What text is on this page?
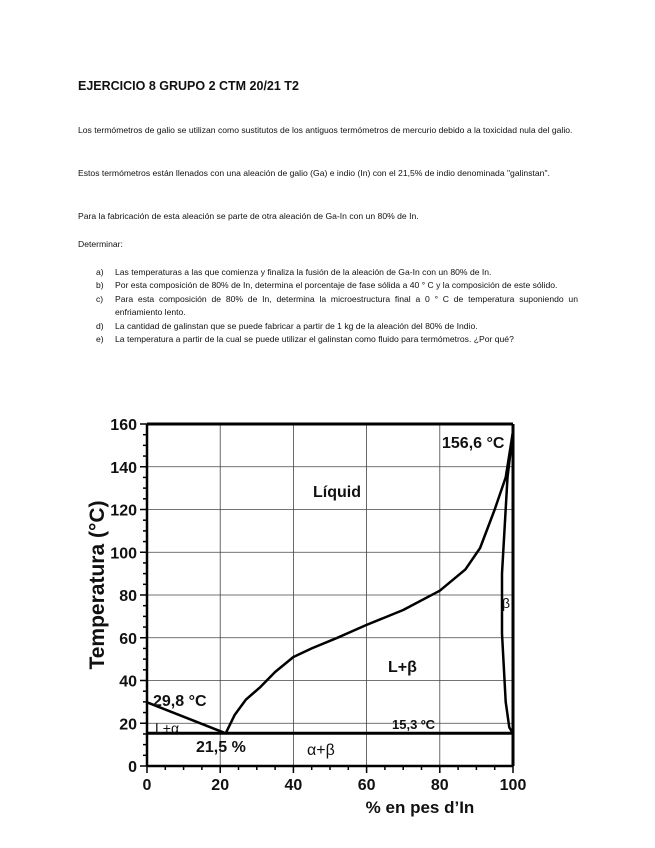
EJERCICIO 8 GRUPO 2 CTM 20/21 T2
Los termómetros de galio se utilizan como sustitutos de los antiguos termómetros de mercurio debido a la toxicidad nula del galio.
Estos termómetros están llenados con una aleación de galio (Ga) e indio (In) con el 21,5% de indio denominada "galinstan".
Para la fabricación de esta aleación se parte de otra aleación de Ga-In con un 80% de In.
Determinar:
a) Las temperaturas a las que comienza y finaliza la fusión de la aleación de Ga-In con un 80% de In.
b) Por esta composición de 80% de In, determina el porcentaje de fase sólida a 40 ° C y la composición de este sólido.
c) Para esta composición de 80% de In, determina la microestructura final a 0 ° C de temperatura suponiendo un enfriamiento lento.
d) La cantidad de galinstan que se puede fabricar a partir de 1 kg de la aleación del 80% de Indio.
e) La temperatura a partir de la cual se puede utilizar el galinstan como fluido para termómetros. ¿Por qué?
0
20
40
60
80
100
120
140
160
0	20	40	60	80	100
Temperatura (°C)
% en pes d’In
Líquid
L+β
L+α
α+β
β
29,8 °C
156,6 °C
15,3 ºC
21,5 %
